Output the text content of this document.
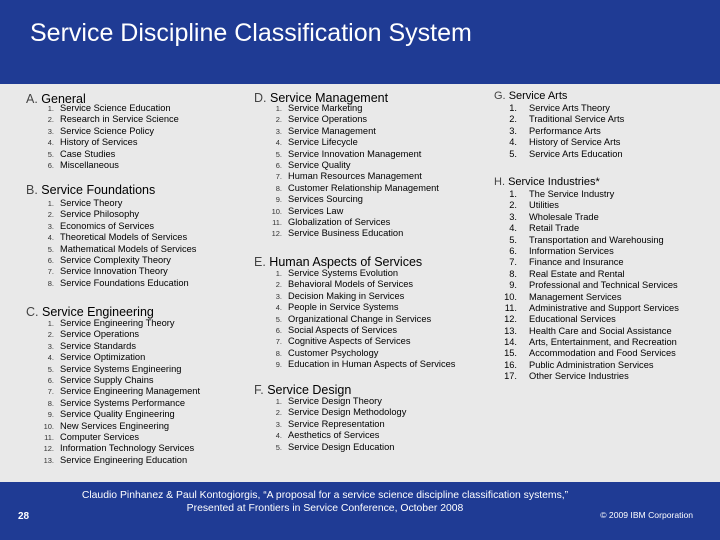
Service Discipline Classification System
A. General
1. Service Science Education
2. Research in Service Science
3. Service Science Policy
4. History of Services
5. Case Studies
6. Miscellaneous
B. Service Foundations
1. Service Theory
2. Service Philosophy
3. Economics of Services
4. Theoretical Models of Services
5. Mathematical Models of Services
6. Service Complexity Theory
7. Service Innovation Theory
8. Service Foundations Education
C. Service Engineering
1. Service Engineering Theory
2. Service Operations
3. Service Standards
4. Service Optimization
5. Service Systems Engineering
6. Service Supply Chains
7. Service Engineering Management
8. Service Systems Performance
9. Service Quality Engineering
10. New Services Engineering
11. Computer Services
12. Information Technology Services
13. Service Engineering Education
D. Service Management
1. Service Marketing
2. Service Operations
3. Service Management
4. Service Lifecycle
5. Service Innovation Management
6. Service Quality
7. Human Resources Management
8. Customer Relationship Management
9. Services Sourcing
10. Services Law
11. Globalization of Services
12. Service Business Education
E. Human Aspects of Services
1. Service Systems Evolution
2. Behavioral Models of Services
3. Decision Making in Services
4. People in Service Systems
5. Organizational Change in Services
6. Social Aspects of Services
7. Cognitive Aspects of Services
8. Customer Psychology
9. Education in Human Aspects of Services
F. Service Design
1. Service Design Theory
2. Service Design Methodology
3. Service Representation
4. Aesthetics of Services
5. Service Design Education
G. Service Arts
1. Service Arts Theory
2. Traditional Service Arts
3. Performance Arts
4. History of Service Arts
5. Service Arts Education
H. Service Industries*
1. The Service Industry
2. Utilities
3. Wholesale Trade
4. Retail Trade
5. Transportation and Warehousing
6. Information Services
7. Finance and Insurance
8. Real Estate and Rental
9. Professional and Technical Services
10. Management Services
11. Administrative and Support Services
12. Educational Services
13. Health Care and Social Assistance
14. Arts, Entertainment, and Recreation
15. Accommodation and Food Services
16. Public Administration Services
17. Other Service Industries
28
Claudio Pinhanez & Paul Kontogiorgis, “A proposal for a service science discipline classification systems,” Presented at Frontiers in Service Conference, October 2008
© 2009 IBM Corporation
